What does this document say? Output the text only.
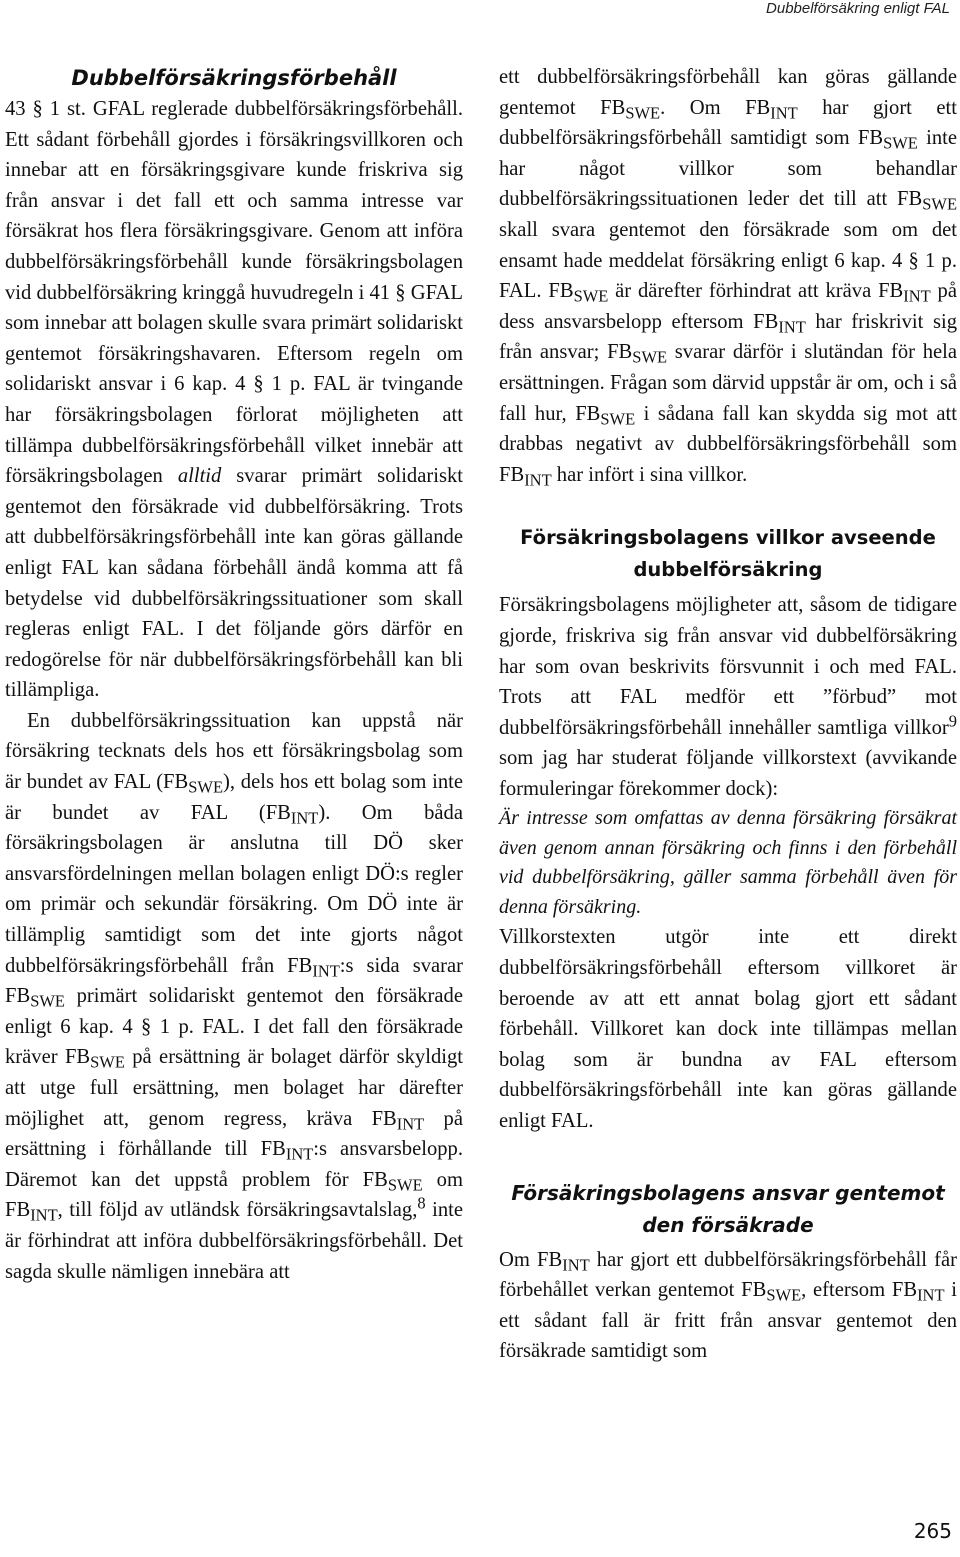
Dubbelförsäkring enligt FAL
Dubbelförsäkringsförbehåll

43 § 1 st. GFAL reglerade dubbelförsäkringsförbehåll. Ett sådant förbehåll gjordes i försäkringsvillkoren och innebar att en försäkringsgivare kunde friskriva sig från ansvar i det fall ett och samma intresse var försäkrat hos flera försäkringsgivare. Genom att införa dubbelförsäkringsförbehåll kunde försäkringsbolagen vid dubbelförsäkring kringgå huvudregeln i 41 § GFAL som innebar att bolagen skulle svara primärt solidariskt gentemot försäkringshavaren. Eftersom regeln om solidariskt ansvar i 6 kap. 4 § 1 p. FAL är tvingande har försäkringsbolagen förlorat möjligheten att tillämpa dubbelförsäkringsförbehåll vilket innebär att försäkringsbolagen alltid svarar primärt solidariskt gentemot den försäkrade vid dubbelförsäkring. Trots att dubbelförsäkringsförbehåll inte kan göras gällande enligt FAL kan sådana förbehåll ändå komma att få betydelse vid dubbelförsäkringssituationer som skall regleras enligt FAL. I det följande görs därför en redogörelse för när dubbelförsäkringsförbehåll kan bli tillämpliga.

En dubbelförsäkringssituation kan uppstå när försäkring tecknats dels hos ett försäkringsbolag som är bundet av FAL $(FB_{SWE})$, dels hos ett bolag som inte är bundet av FAL $(FB_{INT})$. Om båda försäkringsbolagen är anslutna till DÖ sker ansvarsfördelningen mellan bolagen enligt DÖ:s regler om primär och sekundär försäkring. Om DÖ inte är tillämplig samtidigt som det inte gjorts något dubbelförsäkringsförbehåll från $FB_{INT}:s$ sida svarar $FB_{SWE}$ primärt solidariskt gentemot den försäkrade enligt 6 kap. 4 § 1 p. FAL. I det fall den försäkrade kräver $FB_{SWE}$ på ersättning är bolaget därför skyldigt att utge full ersättning, men bolaget har därefter möjlighet att, genom regress, kräva $FB_{INT}$ på ersättning i förhållande till $FB_{INT}:s$ ansvarsbelopp. Däremot kan det uppstå problem för $FB_{SWE}$ om $FB_{INT}$, till följd av utländsk försäkringsavtalslag,$^8$ inte är förhindrat att införa dubbelförsäkringsförbehåll. Det sagda skulle nämligen innebära att

ett dubbelförsäkringsförbehåll kan göras gällande gentemot $FB_{SWE}$. Om $FB_{INT}$ har gjort ett dubbelförsäkringsförbehåll samtidigt som $FB_{SWE}$ inte har något villkor som behandlar dubbelförsäkringssituationen leder det till att $FB_{SWE}$ skall svara gentemot den försäkrade som om det ensamt hade meddelat försäkring enligt 6 kap. 4 § 1 p. FAL. $FB_{SWE}$ är därefter förhindrat att kräva $FB_{INT}$ på dess ansvarsbelopp eftersom $FB_{INT}$ har friskrivit sig från ansvar; $FB_{SWE}$ svarar därför i slutändan för hela ersättningen. Frågan som därvid uppstår är om, och i så fall hur, $FB_{SWE}$ i sådana fall kan skydda sig mot att drabbas negativt av dubbelförsäkringsförbehåll som $FB_{INT}$ har infört i sina villkor.

Försäkringsbolagens villkor avseende dubbelförsäkring

Försäkringsbolagens möjligheter att, såsom de tidigare gjorde, friskriva sig från ansvar vid dubbelförsäkring har som ovan beskrivits försvunnit i och med FAL. Trots att FAL medför ett ”förbud” mot dubbelförsäkringsförbehåll innehåller samtliga villkor$^9$ som jag har studerat följande villkorstext (avvikande formuleringar förekommer dock):

Är intresse som omfattas av denna försäkring försäkrat även genom annan försäkring och finns i den förbehåll vid dubbelförsäkring, gäller samma förbehåll även för denna försäkring.

Villkorstexten utgör inte ett direkt dubbelförsäkringsförbehåll eftersom villkoret är beroende av att ett annat bolag gjort ett sådant förbehåll. Villkoret kan dock inte tillämpas mellan bolag som är bundna av FAL eftersom dubbelförsäkringsförbehåll inte kan göras gällande enligt FAL.

Försäkringsbolagens ansvar gentemot den försäkrade

Om $FB_{INT}$ har gjort ett dubbelförsäkringsförbehåll får förbehållet verkan gentemot $FB_{SWE}$, eftersom $FB_{INT}$ i ett sådant fall är fritt från ansvar gentemot den försäkrade samtidigt som

265
